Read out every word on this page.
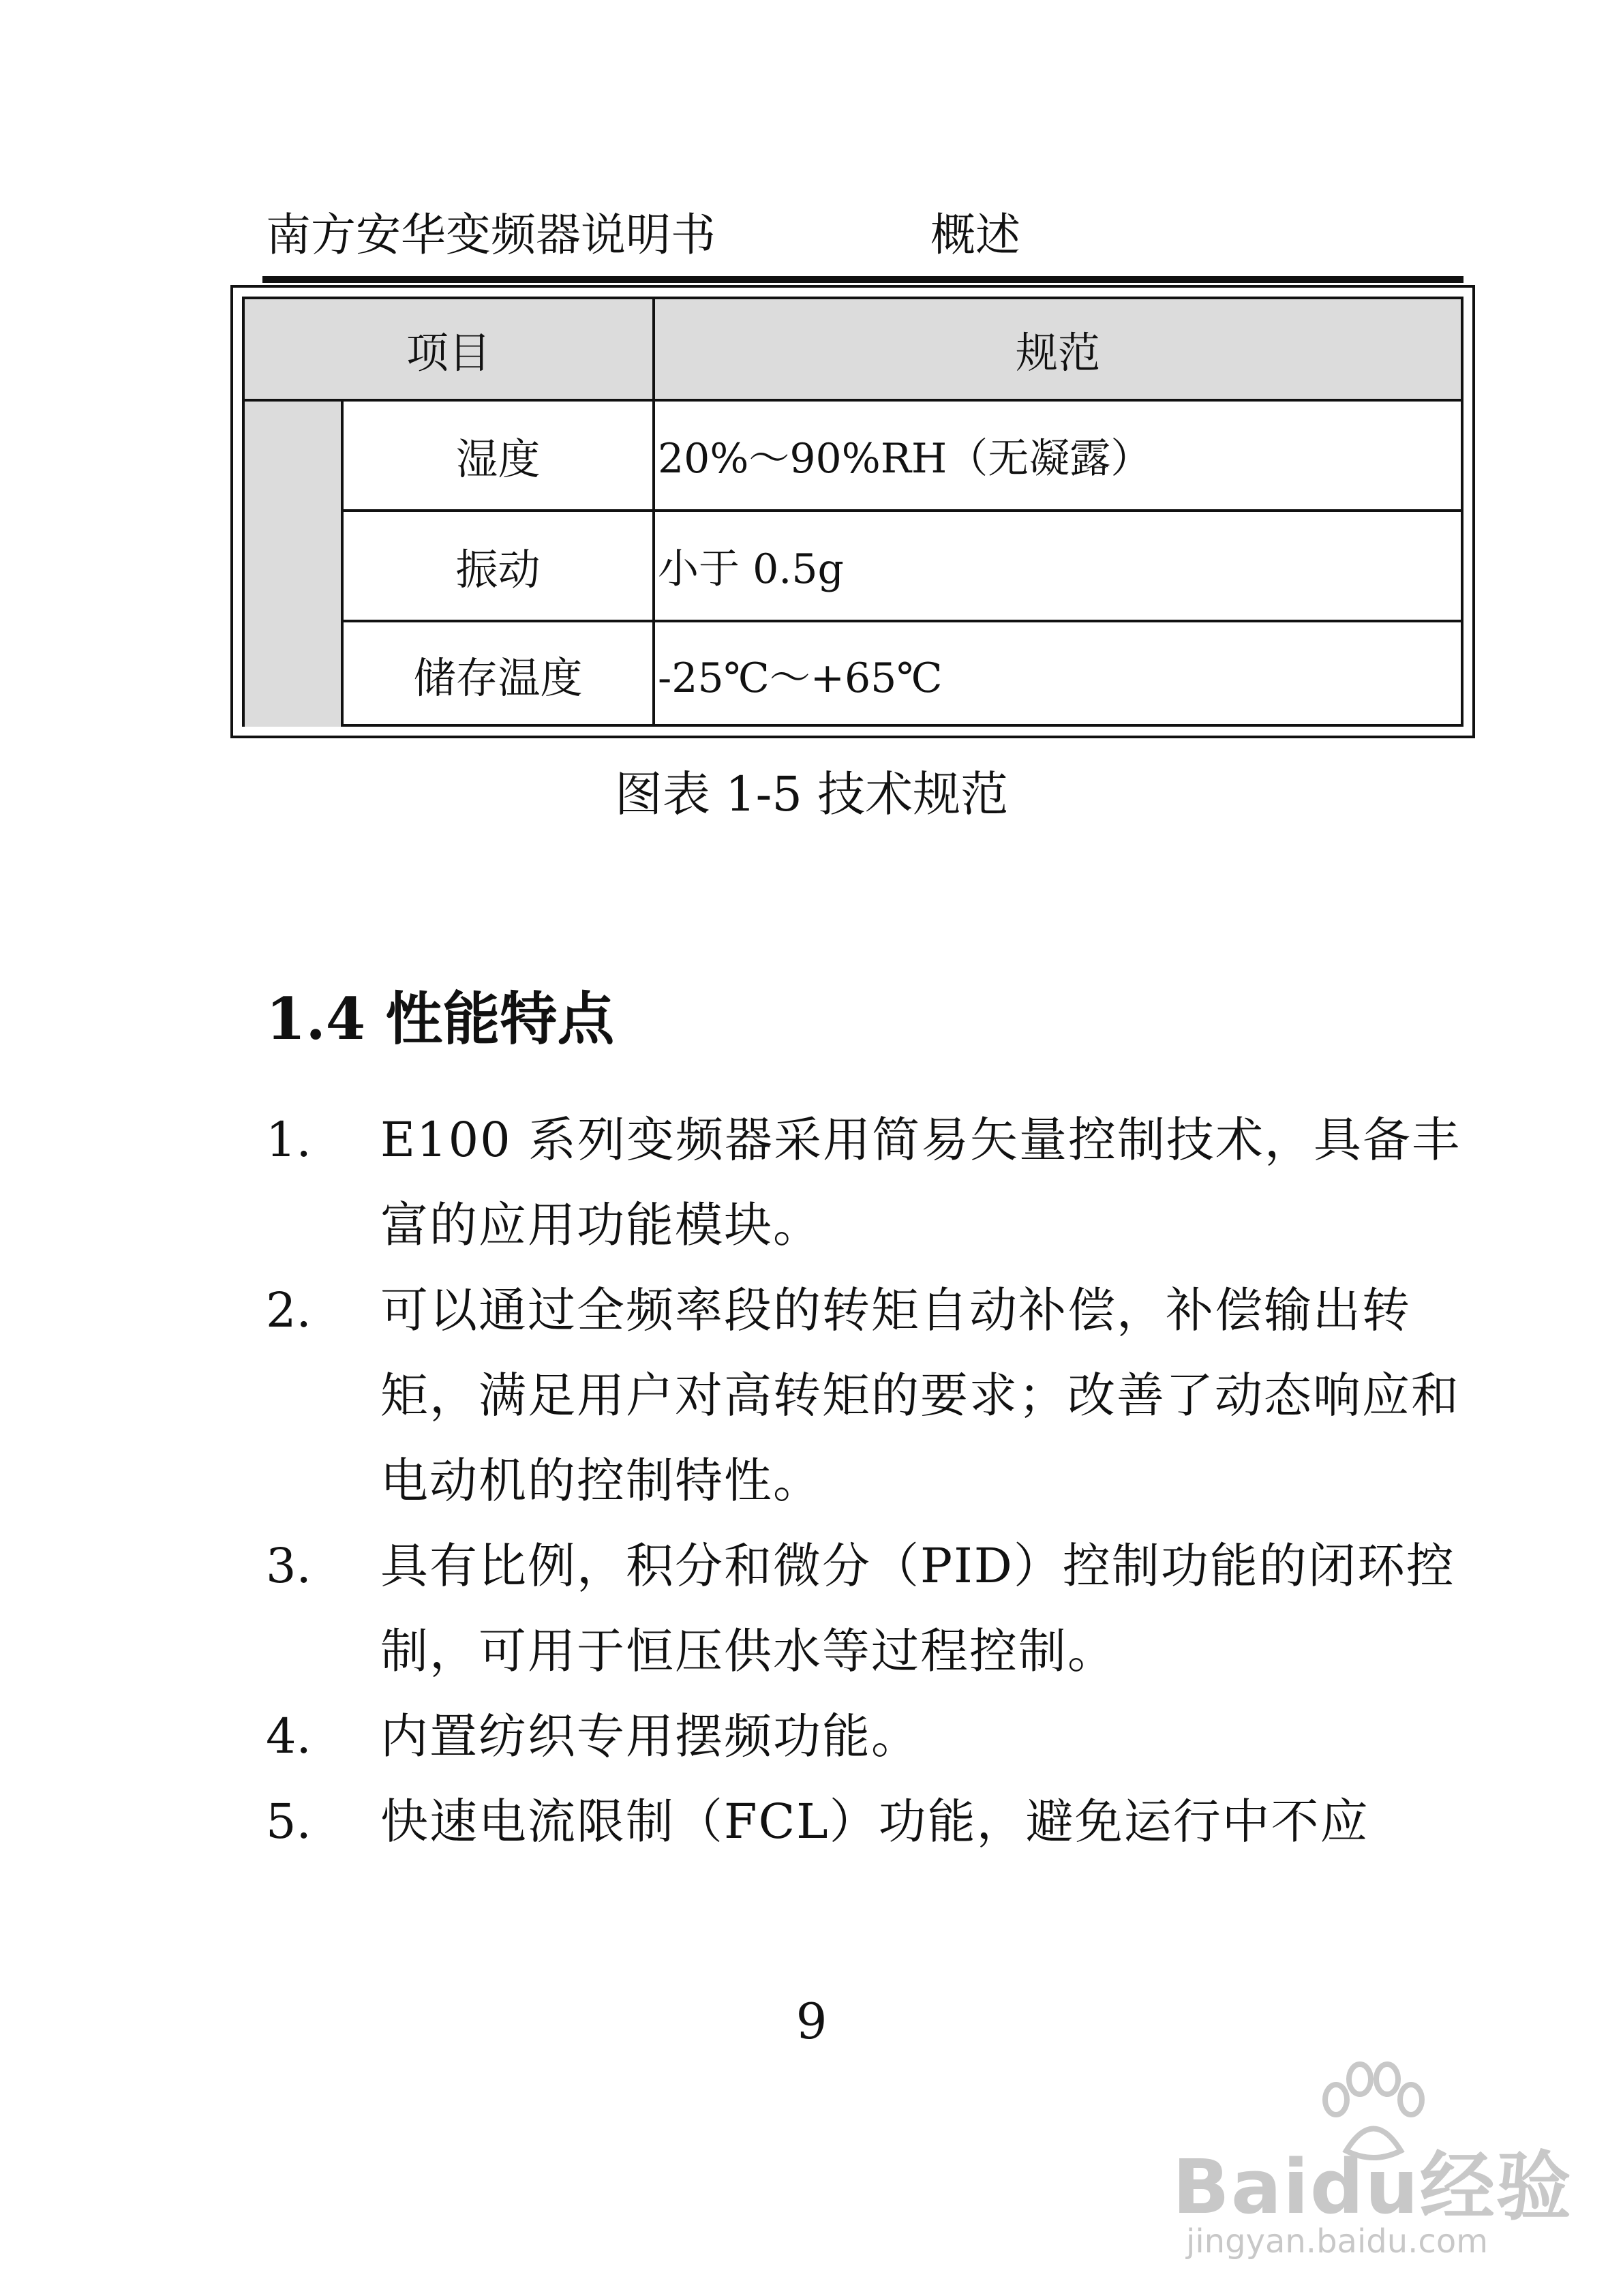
南方安华变频器说明书	概述
项目	规范
湿度	20%～90%RH（无凝露）
振动	小于 0.5g
储存温度	-25℃～+65℃
图表 1-5 技术规范
1.4 性能特点
1. E100 系列变频器采用简易矢量控制技术，具备丰富的应用功能模块。
2. 可以通过全频率段的转矩自动补偿，补偿输出转矩，满足用户对高转矩的要求；改善了动态响应和电动机的控制特性。
3. 具有比例，积分和微分（PID）控制功能的闭环控制，可用于恒压供水等过程控制。
4. 内置纺织专用摆频功能。
5. 快速电流限制（FCL）功能，避免运行中不应
9
Baidu经验
jingyan.baidu.com
